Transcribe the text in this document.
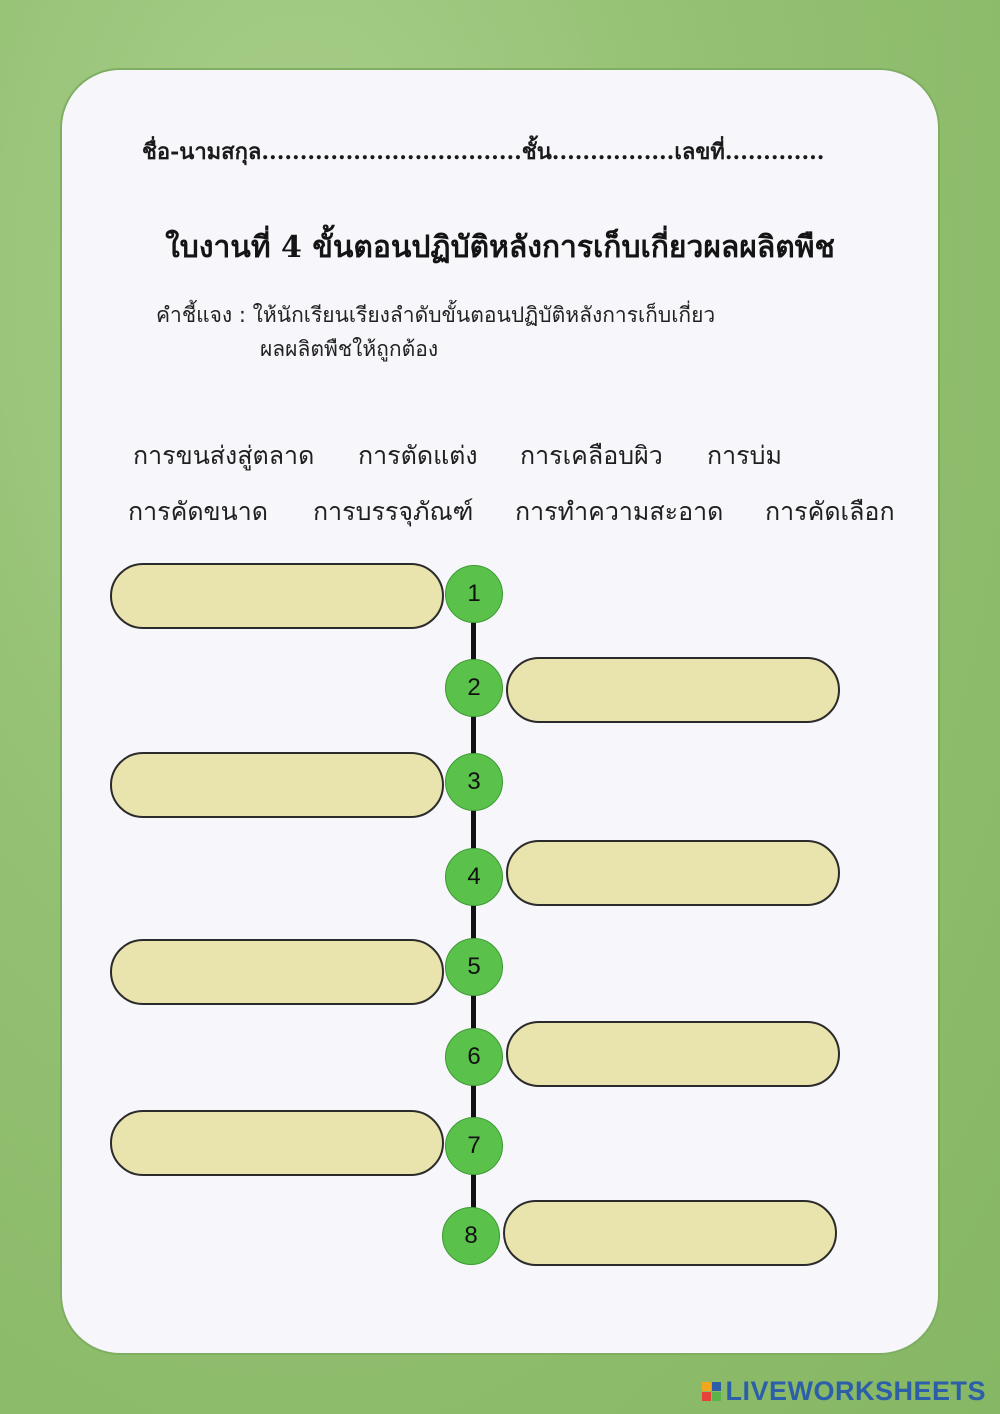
ชื่อ-นามสกุล..................................ชั้น................เลขที่.............
ใบงานที่ 4 ขั้นตอนปฏิบัติหลังการเก็บเกี่ยวผลผลิตพืช
คำชี้แจง : ให้นักเรียนเรียงลำดับขั้นตอนปฏิบัติหลังการเก็บเกี่ยว
ผลผลิตพืชให้ถูกต้อง
การขนส่งสู่ตลาด การตัดแต่ง การเคลือบผิว การบ่ม
การคัดขนาด การบรรจุภัณฑ์ การทำความสะอาด การคัดเลือก
1
2
3
4
5
6
7
8
LIVEWORKSHEETS
